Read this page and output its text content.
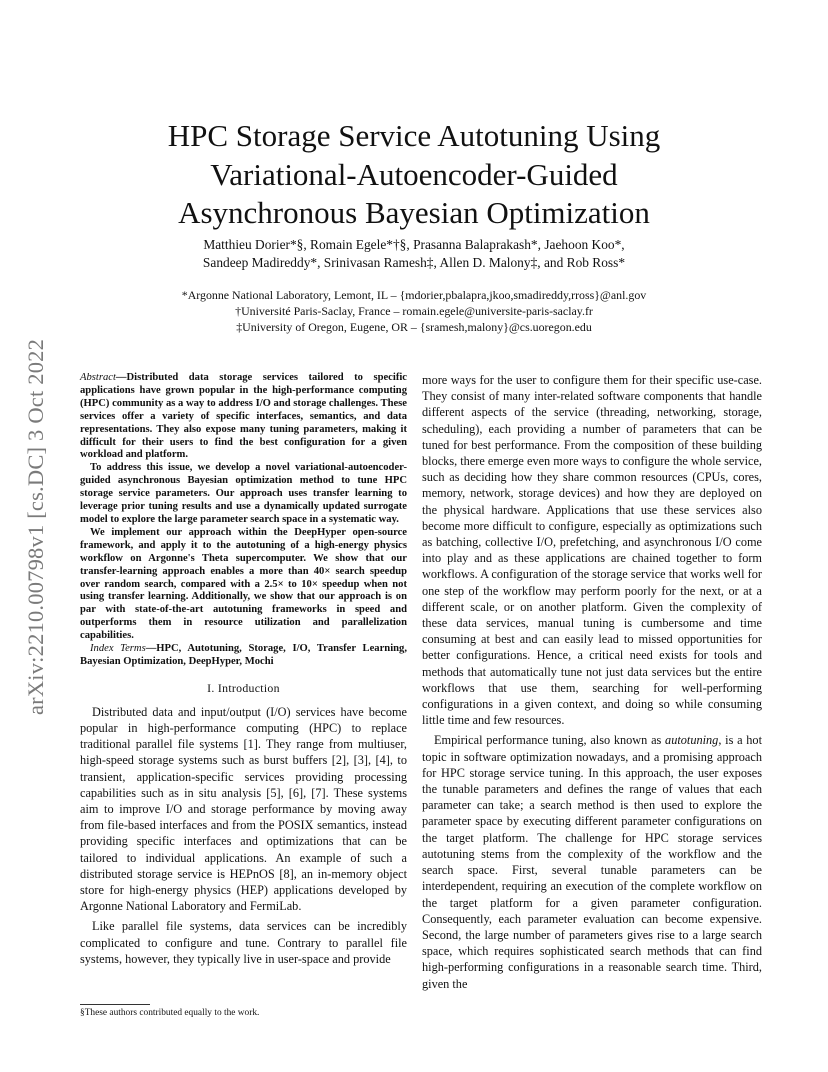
arXiv:2210.00798v1 [cs.DC] 3 Oct 2022
HPC Storage Service Autotuning Using
Variational-Autoencoder-Guided
Asynchronous Bayesian Optimization
Matthieu Dorier*§, Romain Egele*†§, Prasanna Balaprakash*, Jaehoon Koo*,
Sandeep Madireddy*, Srinivasan Ramesh‡, Allen D. Malony‡, and Rob Ross*
*Argonne National Laboratory, Lemont, IL – {mdorier,pbalapra,jkoo,smadireddy,rross}@anl.gov
†Université Paris-Saclay, France – romain.egele@universite-paris-saclay.fr
‡University of Oregon, Eugene, OR – {sramesh,malony}@cs.uoregon.edu

Abstract—Distributed data storage services tailored to specific applications have grown popular in the high-performance computing (HPC) community as a way to address I/O and storage challenges. These services offer a variety of specific interfaces, semantics, and data representations. They also expose many tuning parameters, making it difficult for their users to find the best configuration for a given workload and platform.

To address this issue, we develop a novel variational-autoencoder-guided asynchronous Bayesian optimization method to tune HPC storage service parameters. Our approach uses transfer learning to leverage prior tuning results and use a dynamically updated surrogate model to explore the large parameter search space in a systematic way.

We implement our approach within the DeepHyper open-source framework, and apply it to the autotuning of a high-energy physics workflow on Argonne's Theta supercomputer. We show that our transfer-learning approach enables a more than 40× search speedup over random search, compared with a 2.5× to 10× speedup when not using transfer learning. Additionally, we show that our approach is on par with state-of-the-art autotuning frameworks in speed and outperforms them in resource utilization and parallelization capabilities.

Index Terms—HPC, Autotuning, Storage, I/O, Transfer Learning, Bayesian Optimization, DeepHyper, Mochi

I. Introduction

Distributed data and input/output (I/O) services have become popular in high-performance computing (HPC) to replace traditional parallel file systems [1]. They range from multiuser, high-speed storage systems such as burst buffers [2], [3], [4], to transient, application-specific services providing processing capabilities such as in situ analysis [5], [6], [7]. These systems aim to improve I/O and storage performance by moving away from file-based interfaces and from the POSIX semantics, instead providing specific interfaces and optimizations that can be tailored to individual applications. An example of such a distributed storage service is HEPnOS [8], an in-memory object store for high-energy physics (HEP) applications developed by Argonne National Laboratory and FermiLab.

Like parallel file systems, data services can be incredibly complicated to configure and tune. Contrary to parallel file systems, however, they typically live in user-space and provide

more ways for the user to configure them for their specific use-case. They consist of many inter-related software components that handle different aspects of the service (threading, networking, storage, scheduling), each providing a number of parameters that can be tuned for best performance. From the composition of these building blocks, there emerge even more ways to configure the whole service, such as deciding how they share common resources (CPUs, cores, memory, network, storage devices) and how they are deployed on the physical hardware. Applications that use these services also become more difficult to configure, especially as optimizations such as batching, collective I/O, prefetching, and asynchronous I/O come into play and as these applications are chained together to form workflows. A configuration of the storage service that works well for one step of the workflow may perform poorly for the next, or at a different scale, or on another platform. Given the complexity of these data services, manual tuning is cumbersome and time consuming at best and can easily lead to missed opportunities for better configurations. Hence, a critical need exists for tools and methods that automatically tune not just data services but the entire workflows that use them, searching for well-performing configurations in a given context, and doing so while consuming little time and few resources.

Empirical performance tuning, also known as autotuning, is a hot topic in software optimization nowadays, and a promising approach for HPC storage service tuning. In this approach, the user exposes the tunable parameters and defines the range of values that each parameter can take; a search method is then used to explore the parameter space by executing different parameter configurations on the target platform. The challenge for HPC storage services autotuning stems from the complexity of the workflow and the search space. First, several tunable parameters can be interdependent, requiring an execution of the complete workflow on the target platform for a given parameter configuration. Consequently, each parameter evaluation can become expensive. Second, the large number of parameters gives rise to a large search space, which requires sophisticated search methods that can find high-performing configurations in a reasonable search time. Third, given the

§These authors contributed equally to the work.
